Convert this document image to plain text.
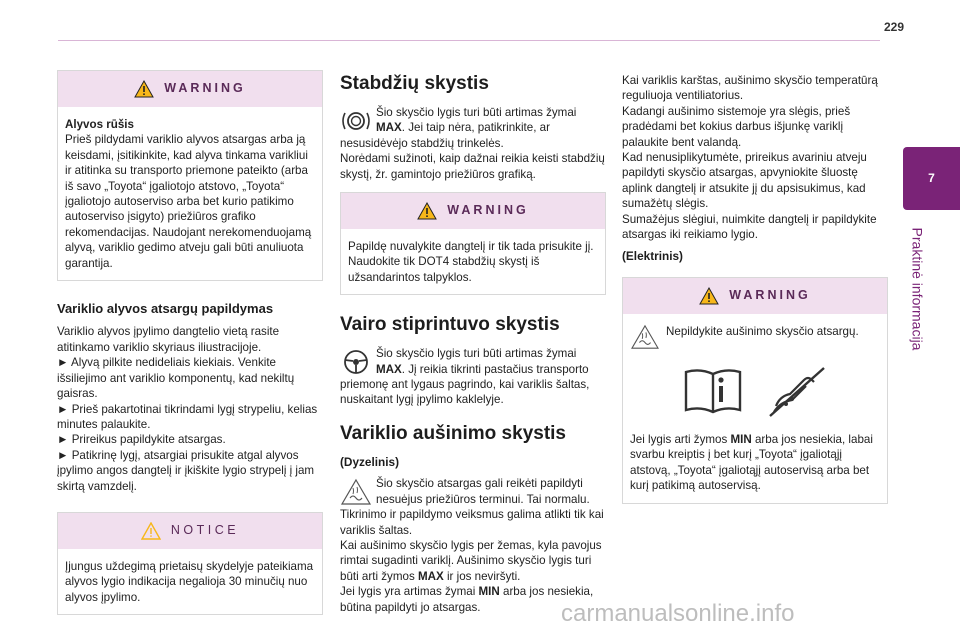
229
7
Praktinė informacija
WARNING

Alyvos rūšis

Prieš pildydami variklio alyvos atsargas arba ją keisdami, įsitikinkite, kad alyva tinkama varikliui ir atitinka su transporto priemone pateikto (arba iš savo „Toyota“ įgaliotojo atstovo, „Toyota“ įgaliotojo autoserviso arba bet kurio patikimo autoserviso įsigyto) priežiūros grafiko rekomendacijas. Naudojant nerekomenduojamą alyvą, variklio gedimo atveju gali būti anuliuota garantija.

Variklio alyvos atsargų papildymas

Variklio alyvos įpylimo dangtelio vietą rasite atitinkamo variklio skyriaus iliustracijoje.

► Alyvą pilkite nedideliais kiekiais. Venkite išsiliejimo ant variklio komponentų, kad nekiltų gaisras.

► Prieš pakartotinai tikrindami lygį strypeliu, kelias minutes palaukite.

► Prireikus papildykite atsargas.

► Patikrinę lygį, atsargiai prisukite atgal alyvos įpylimo angos dangtelį ir įkiškite lygio strypelį į jam skirtą vamzdelį.

NOTICE

Įjungus uždegimą prietaisų skydelyje pateikiama alyvos lygio indikacija negalioja 30 minučių nuo alyvos įpylimo.

Stabdžių skystis

Šio skysčio lygis turi būti artimas žymai MAX. Jei taip nėra, patikrinkite, ar nesusidėvėjo stabdžių trinkelės.

Norėdami sužinoti, kaip dažnai reikia keisti stabdžių skystį, žr. gamintojo priežiūros grafiką.

WARNING

Papildę nuvalykite dangtelį ir tik tada prisukite jį. Naudokite tik DOT4 stabdžių skystį iš užsandarintos talpyklos.

Vairo stiprintuvo skystis

Šio skysčio lygis turi būti artimas žymai MAX. Jį reikia tikrinti pastačius transporto priemonę ant lygaus pagrindo, kai variklis šaltas, nuskaitant lygį įpylimo kaklelyje.

Variklio aušinimo skystis
(Dyzelinis)

Šio skysčio atsargas gali reikėti papildyti nesuėjus priežiūros terminui. Tai normalu. Tikrinimo ir papildymo veiksmus galima atlikti tik kai variklis šaltas.

Kai aušinimo skysčio lygis per žemas, kyla pavojus rimtai sugadinti variklį. Aušinimo skysčio lygis turi būti arti žymos MAX ir jos neviršyti.

Jei lygis yra artimas žymai MIN arba jos nesiekia, būtina papildyti jo atsargas.

Kai variklis karštas, aušinimo skysčio temperatūrą reguliuoja ventiliatorius.

Kadangi aušinimo sistemoje yra slėgis, prieš pradėdami bet kokius darbus išjunkę variklį palaukite bent valandą.

Kad nenusiplikytumėte, prireikus avariniu atveju papildyti skysčio atsargas, apvyniokite šluostę aplink dangtelį ir atsukite jį du apsisukimus, kad sumažėtų slėgis.

Sumažėjus slėgiui, nuimkite dangtelį ir papildykite atsargas iki reikiamo lygio.

(Elektrinis)
WARNING

Nepildykite aušinimo skysčio atsargų.

Jei lygis arti žymos MIN arba jos nesiekia, labai svarbu kreiptis į bet kurį „Toyota“ įgaliotąjį atstovą, „Toyota“ įgaliotąjį autoservisą arba bet kurį patikimą autoservisą.

carmanualsonline.info
